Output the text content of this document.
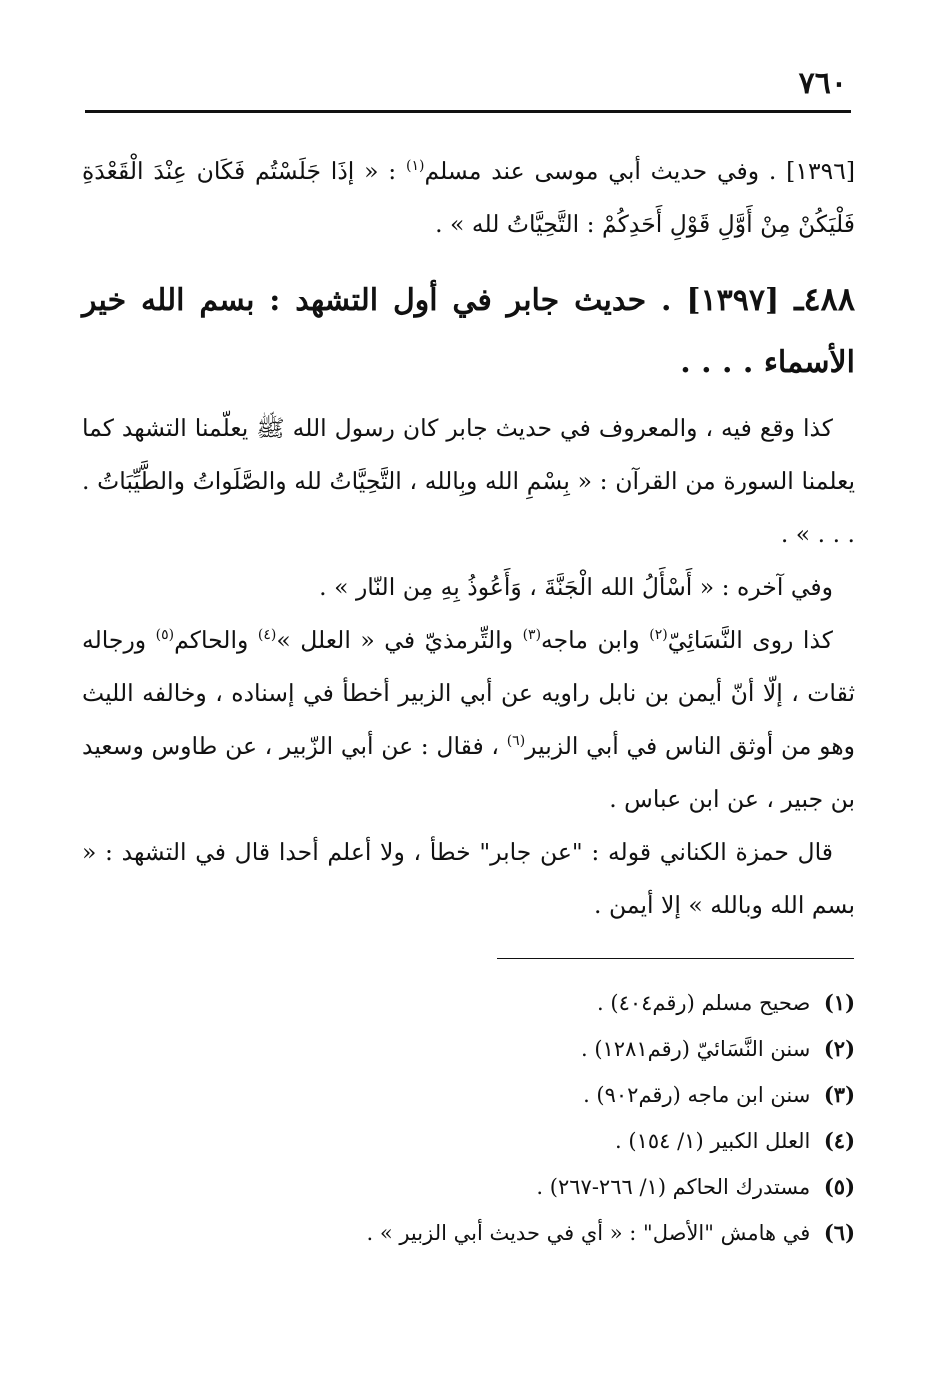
٧٦٠

[١٣٩٦] . وفي حديث أبي موسى عند مسلم$^{(١)}$ : « إذَا جَلَسْتُم فَكَان عِنْدَ الْقَعْدَةِ فَلْيَكُنْ مِنْ أَوَّلِ قَوْلِ أَحَدِكُمْ : التَّحِيَّاتُ لله » .

٤٨٨ـ [١٣٩٧] . حديث جابر في أول التشهد : بسم الله خير الأسماء . . . .

كذا وقع فيه ، والمعروف في حديث جابر كان رسول الله ﷺ يعلّمنا التشهد كما يعلمنا السورة من القرآن : « بِسْمِ الله وبِالله ، التَّحِيَّاتُ لله والصَّلَواتُ والطَّيِّبَاتُ . . . . » .

وفي آخره : « أَسْأَلُ الله الْجَنَّةَ ، وَأَعُوذُ بِهِ مِن النّار » .

كذا روى النَّسَائِيّ$^{(٢)}$ وابن ماجه$^{(٣)}$ والتِّرمذيّ في « العلل »$^{(٤)}$ والحاكم$^{(٥)}$ ورجاله ثقات ، إلّا أنّ أيمن بن نابل راويه عن أبي الزبير أخطأ في إسناده ، وخالفه الليث وهو من أوثق الناس في أبي الزبير$^{(٦)}$ ، فقال : عن أبي الزّبير ، عن طاوس وسعيد بن جبير ، عن ابن عباس .

قال حمزة الكناني قوله : "عن جابر" خطأ ، ولا أعلم أحدا قال في التشهد : « بسم الله وبالله » إلا أيمن .

(١) صحيح مسلم (رقم٤٠٤) .
(٢) سنن النَّسَائيّ (رقم١٢٨١) .
(٣) سنن ابن ماجه (رقم٩٠٢) .
(٤) العلل الكبير (١/ ١٥٤) .
(٥) مستدرك الحاكم (١/ ٢٦٦-٢٦٧) .
(٦) في هامش "الأصل" : « أي في حديث أبي الزبير » .
